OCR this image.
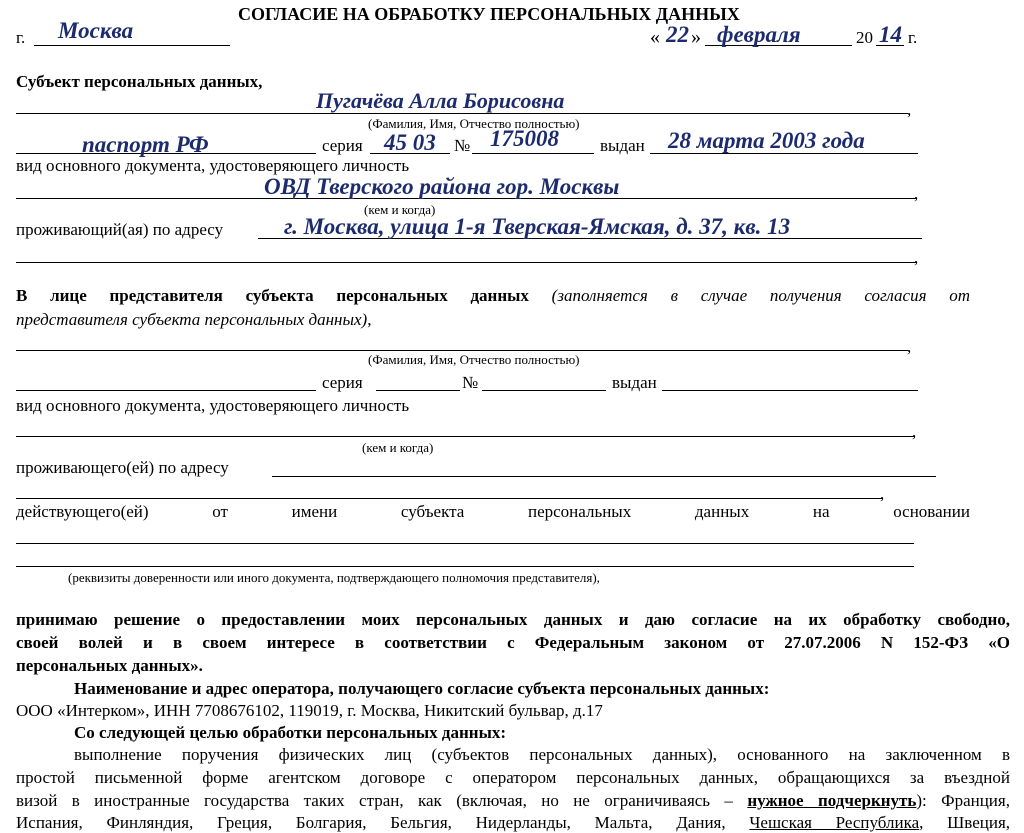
СОГЛАСИЕ НА ОБРАБОТКУ ПЕРСОНАЛЬНЫХ ДАННЫХ
г. Москва	« 22 » февраля	20 14 г.
Субъект персональных данных,
Пугачёва Алла Борисовна	,
(Фамилия, Имя, Отчество полностью)
паспорт РФ	серия 45 03 № 175008 выдан 28 марта 2003 года
вид основного документа, удостоверяющего личность
ОВД Тверского района гор. Москвы	,
(кем и когда)
проживающий(ая) по адресу	г. Москва, улица 1-я Тверская-Ямская, д. 37, кв. 13
,
В лице представителя субъекта персональных данных (заполняется в случае получения согласия от
представителя субъекта персональных данных),
,
(Фамилия, Имя, Отчество полностью)
серия	№	выдан
вид основного документа, удостоверяющего личность
,
(кем и когда)
проживающего(ей) по адресу
,
действующего(ей)	от	имени	субъекта	персональных	данных	на	основании
(реквизиты доверенности или иного документа, подтверждающего полномочия представителя),
принимаю решение о предоставлении моих персональных данных и даю согласие на их обработку свободно,
своей волей и в своем интересе в соответствии с Федеральным законом от 27.07.2006 N 152-ФЗ «О
персональных данных».
Наименование и адрес оператора, получающего согласие субъекта персональных данных:
ООО «Интерком», ИНН 7708676102, 119019, г. Москва, Никитский бульвар, д.17
Со следующей целью обработки персональных данных:
выполнение поручения физических лиц (субъектов персональных данных), основанного на заключенном в
простой письменной форме агентском договоре с оператором персональных данных, обращающихся за въездной
визой в иностранные государства таких стран, как (включая, но не ограничиваясь – нужное подчеркнуть): Франция,
Испания, Финляндия, Греция, Болгария, Бельгия, Нидерланды, Мальта, Дания, Чешская Республика, Швеция,
